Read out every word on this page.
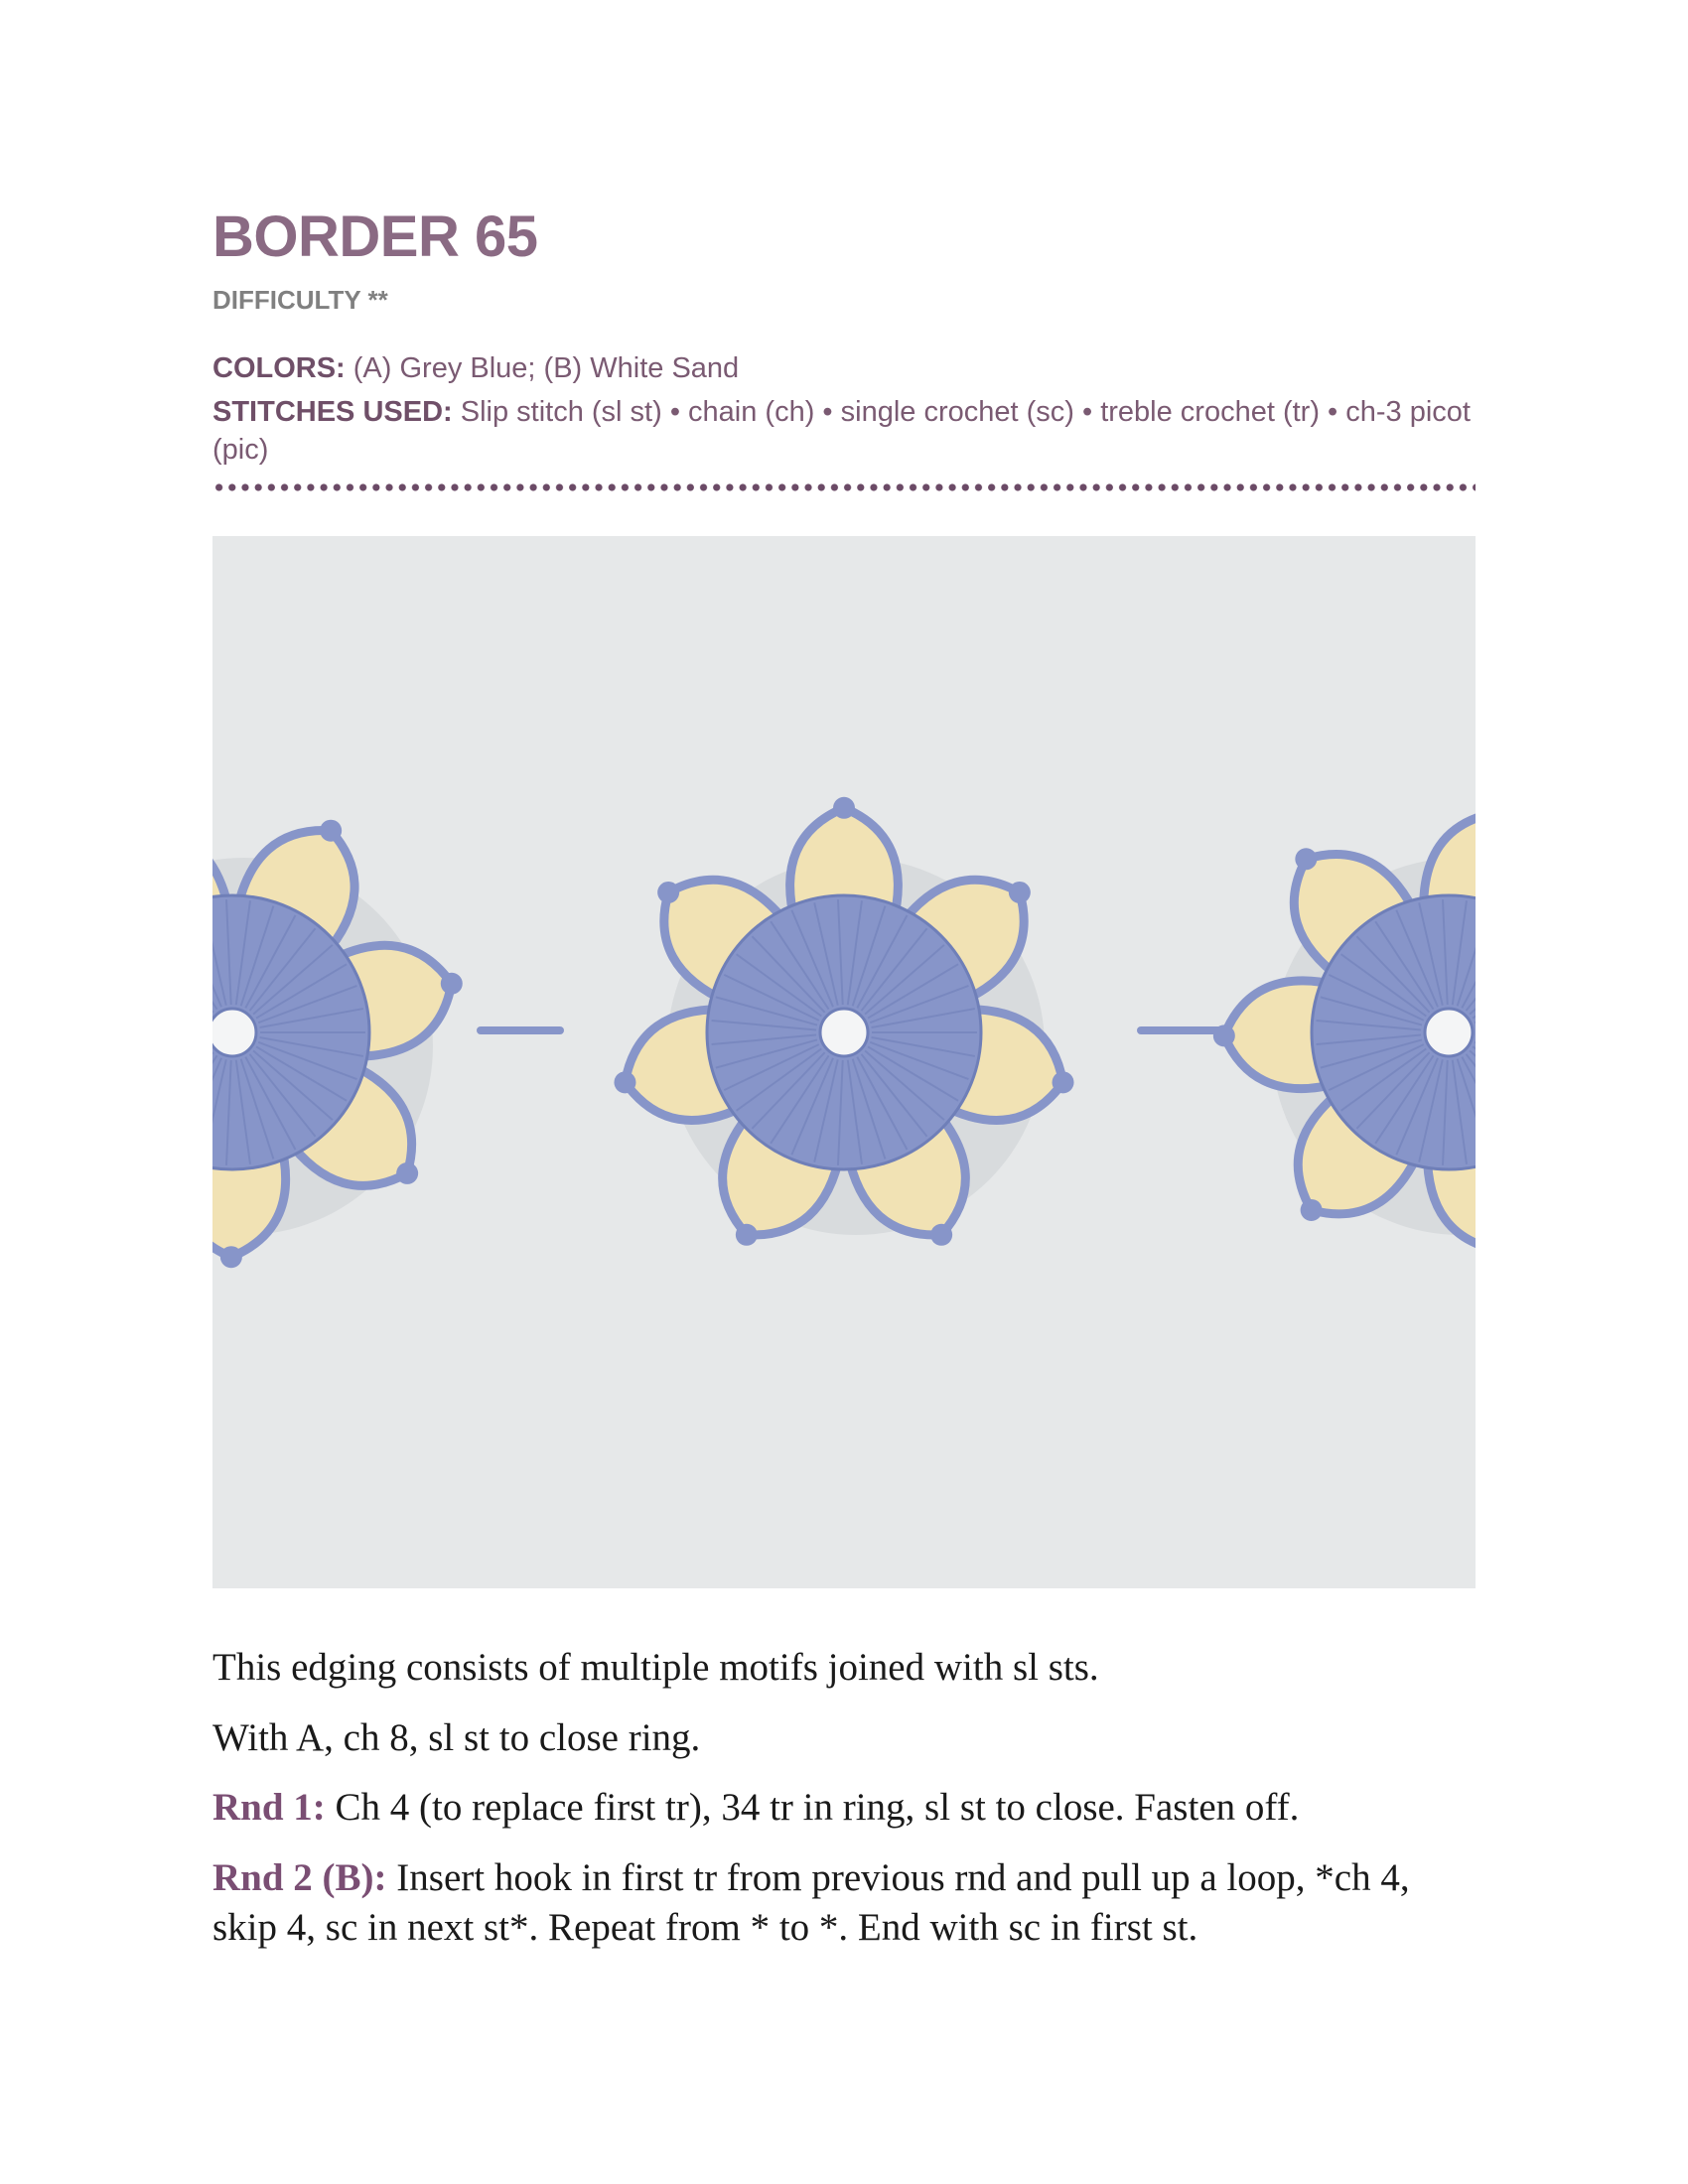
BORDER 65
DIFFICULTY **
COLORS: (A) Grey Blue; (B) White Sand
STITCHES USED: Slip stitch (sl st) • chain (ch) • single crochet (sc) • treble crochet (tr) • ch-3 picot (pic)
This edging consists of multiple motifs joined with sl sts.
With A, ch 8, sl st to close ring.
Rnd 1: Ch 4 (to replace first tr), 34 tr in ring, sl st to close. Fasten off.
Rnd 2 (B): Insert hook in first tr from previous rnd and pull up a loop, *ch 4, skip 4, sc in next st*. Repeat from * to *. End with sc in first st.
